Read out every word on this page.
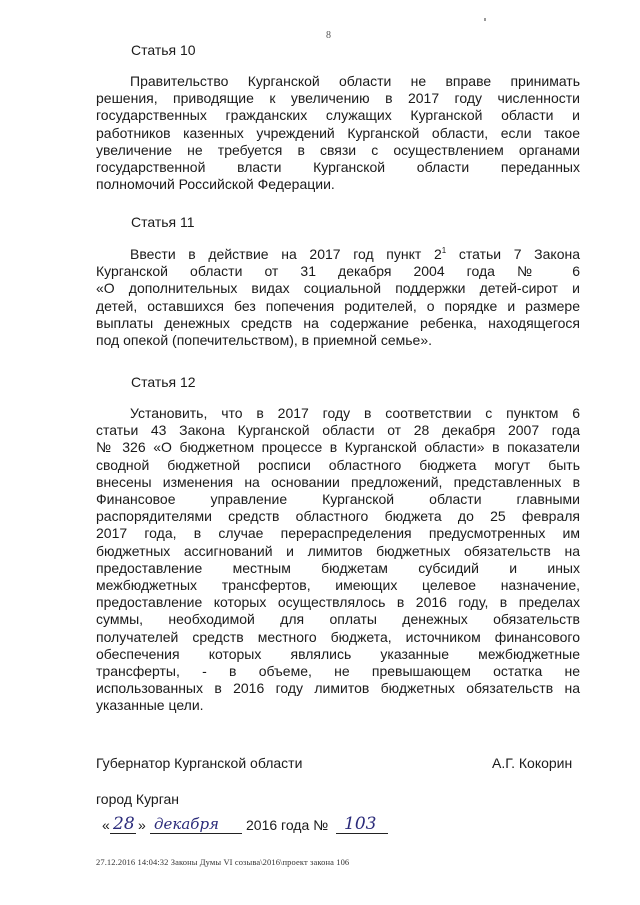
8
Статья 10

Правительство Курганской области не вправе принимать

решения, приводящие к увеличению в 2017 году численности

государственных гражданских служащих Курганской области и

работников казенных учреждений Курганской области, если такое

увеличение не требуется в связи с осуществлением органами

государственной власти Курганской области переданных

полномочий Российской Федерации.

Статья 11

Ввести в действие на 2017 год пункт $2^1$ статьи 7 Закона

Курганской области от 31 декабря 2004 года № 6

«О дополнительных видах социальной поддержки детей-сирот и

детей, оставшихся без попечения родителей, о порядке и размере

выплаты денежных средств на содержание ребенка, находящегося

под опекой (попечительством), в приемной семье».

Статья 12

Установить, что в 2017 году в соответствии с пунктом 6

статьи 43 Закона Курганской области от 28 декабря 2007 года

№ 326 «О бюджетном процессе в Курганской области» в показатели

сводной бюджетной росписи областного бюджета могут быть

внесены изменения на основании предложений, представленных в

Финансовое управление Курганской области главными

распорядителями средств областного бюджета до 25 февраля

2017 года, в случае перераспределения предусмотренных им

бюджетных ассигнований и лимитов бюджетных обязательств на

предоставление местным бюджетам субсидий и иных

межбюджетных трансфертов, имеющих целевое назначение,

предоставление которых осуществлялось в 2016 году, в пределах

суммы, необходимой для оплаты денежных обязательств

получателей средств местного бюджета, источником финансового

обеспечения которых являлись указанные межбюджетные

трансферты, - в объеме, не превышающем остатка не

использованных в 2016 году лимитов бюджетных обязательств на

указанные цели.

Губернатор Курганской области	А.Г. Кокорин
город Курган
« 28 » декабря 2016 года № 103
27.12.2016 14:04:32 Законы Думы VI созыва\2016\проект закона 106
